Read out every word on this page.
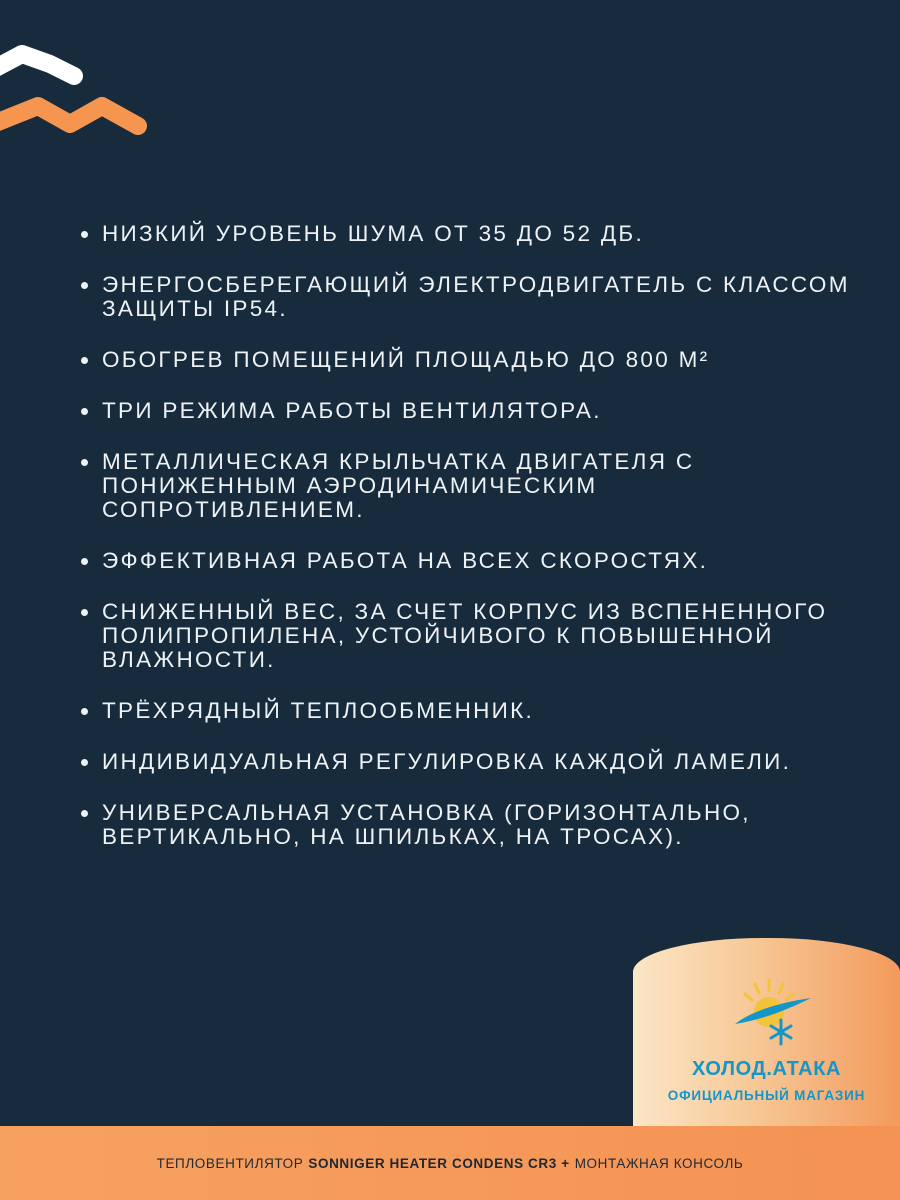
НИЗКИЙ УРОВЕНЬ ШУМА ОТ 35 ДО 52 ДБ.
ЭНЕРГОСБЕРЕГАЮЩИЙ ЭЛЕКТРОДВИГАТЕЛЬ С КЛАССОМ ЗАЩИТЫ IP54.
ОБОГРЕВ ПОМЕЩЕНИЙ ПЛОЩАДЬЮ ДО 800 М²
ТРИ РЕЖИМА РАБОТЫ ВЕНТИЛЯТОРА.
МЕТАЛЛИЧЕСКАЯ КРЫЛЬЧАТКА ДВИГАТЕЛЯ С ПОНИЖЕННЫМ АЭРОДИНАМИЧЕСКИМ СОПРОТИВЛЕНИЕМ.
ЭФФЕКТИВНАЯ РАБОТА НА ВСЕХ СКОРОСТЯХ.
СНИЖЕННЫЙ ВЕС, ЗА СЧЕТ КОРПУС ИЗ ВСПЕНЕННОГО ПОЛИПРОПИЛЕНА, УСТОЙЧИВОГО К ПОВЫШЕННОЙ ВЛАЖНОСТИ.
ТРЁХРЯДНЫЙ ТЕПЛООБМЕННИК.
ИНДИВИДУАЛЬНАЯ РЕГУЛИРОВКА КАЖДОЙ ЛАМЕЛИ.
УНИВЕРСАЛЬНАЯ УСТАНОВКА (ГОРИЗОНТАЛЬНО, ВЕРТИКАЛЬНО, НА ШПИЛЬКАХ, НА ТРОСАХ).
ХОЛОД.АТАКА
ОФИЦИАЛЬНЫЙ МАГАЗИН
ТЕПЛОВЕНТИЛЯТОР SONNIGER HEATER CONDENS CR3 + МОНТАЖНАЯ КОНСОЛЬ
